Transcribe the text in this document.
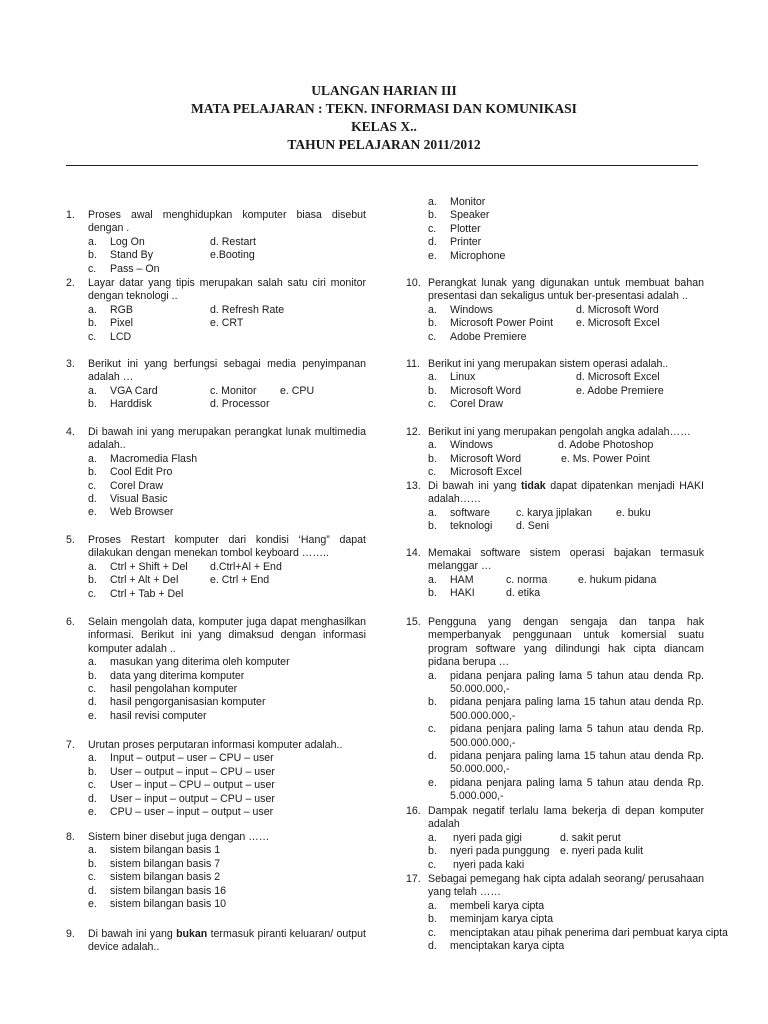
ULANGAN HARIAN III
MATA PELAJARAN : TEKN. INFORMASI DAN KOMUNIKASI
KELAS X..
TAHUN PELAJARAN 2011/2012
1. Proses awal menghidupkan komputer biasa disebut dengan .
a. Log On	d. Restart
b. Stand By	e.Booting
c. Pass – On
2. Layar datar yang tipis merupakan salah satu ciri monitor dengan teknologi ..
a. RGB	d. Refresh Rate
b. Pixel	e. CRT
c. LCD
3. Berikut ini yang berfungsi sebagai media penyimpanan adalah …
a. VGA Card	c. Monitor e. CPU
b. Harddisk	d. Processor
4. Di bawah ini yang merupakan perangkat lunak multimedia adalah..
a. Macromedia Flash
b. Cool Edit Pro
c. Corel Draw
d. Visual Basic
e. Web Browser
5. Proses Restart komputer dari kondisi ‘Hang” dapat dilakukan dengan menekan tombol keyboard ……..
a. Ctrl + Shift + Del d.Ctrl+Al + End
b. Ctrl + Alt + Del	e. Ctrl + End
c. Ctrl + Tab + Del
6. Selain mengolah data, komputer juga dapat menghasilkan informasi. Berikut ini yang dimaksud dengan informasi komputer adalah ..
a. masukan yang diterima oleh komputer
b. data yang diterima komputer
c. hasil pengolahan komputer
d. hasil pengorganisasian komputer
e. hasil revisi computer
7. Urutan proses perputaran informasi komputer adalah..
a. Input – output – user – CPU – user
b. User – output – input – CPU – user
c. User – input – CPU – output – user
d. User – input – output – CPU – user
e. CPU – user – input – output – user
8. Sistem biner disebut juga dengan ……
a. sistem bilangan basis 1
b. sistem bilangan basis 7
c. sistem bilangan basis 2
d. sistem bilangan basis 16
e. sistem bilangan basis 10
9. Di bawah ini yang bukan termasuk piranti keluaran/ output device adalah..
a. Monitor
b. Speaker
c. Plotter
d. Printer
e. Microphone
10. Perangkat lunak yang digunakan untuk membuat bahan presentasi dan sekaligus untuk ber-presentasi adalah ..
a. Windows	d. Microsoft Word
b. Microsoft Power Point e. Microsoft Excel
c. Adobe Premiere
11. Berikut ini yang merupakan sistem operasi adalah..
a. Linux	d. Microsoft Excel
b. Microsoft Word	e. Adobe Premiere
c. Corel Draw
12. Berikut ini yang merupakan pengolah angka adalah……
a. Windows	d. Adobe Photoshop
b. Microsoft Word	e. Ms. Power Point
c. Microsoft Excel
13. Di bawah ini yang tidak dapat dipatenkan menjadi HAKI adalah……
a. software c. karya jiplakan e. buku
b. teknologi d. Seni
14. Memakai software sistem operasi bajakan termasuk melanggar …
a. HAM	c. norma	e. hukum pidana
b. HAKI	d. etika
15. Pengguna yang dengan sengaja dan tanpa hak memperbanyak penggunaan untuk komersial suatu program software yang dilindungi hak cipta diancam pidana berupa …
a. pidana penjara paling lama 5 tahun atau denda Rp. 50.000.000,-
b. pidana penjara paling lama 15 tahun atau denda Rp. 500.000.000,-
c. pidana penjara paling lama 5 tahun atau denda Rp. 500.000.000,-
d. pidana penjara paling lama 15 tahun atau denda Rp. 50.000.000,-
e. pidana penjara paling lama 5 tahun atau denda Rp. 5.000.000,-
16. Dampak negatif terlalu lama bekerja di depan komputer adalah
a. nyeri pada gigi	d. sakit perut
b. nyeri pada punggung e. nyeri pada kulit
c. nyeri pada kaki
17. Sebagai pemegang hak cipta adalah seorang/ perusahaan yang telah ……
a. membeli karya cipta
b. meminjam karya cipta
c. menciptakan atau pihak penerima dari pembuat karya cipta
d. menciptakan karya cipta
